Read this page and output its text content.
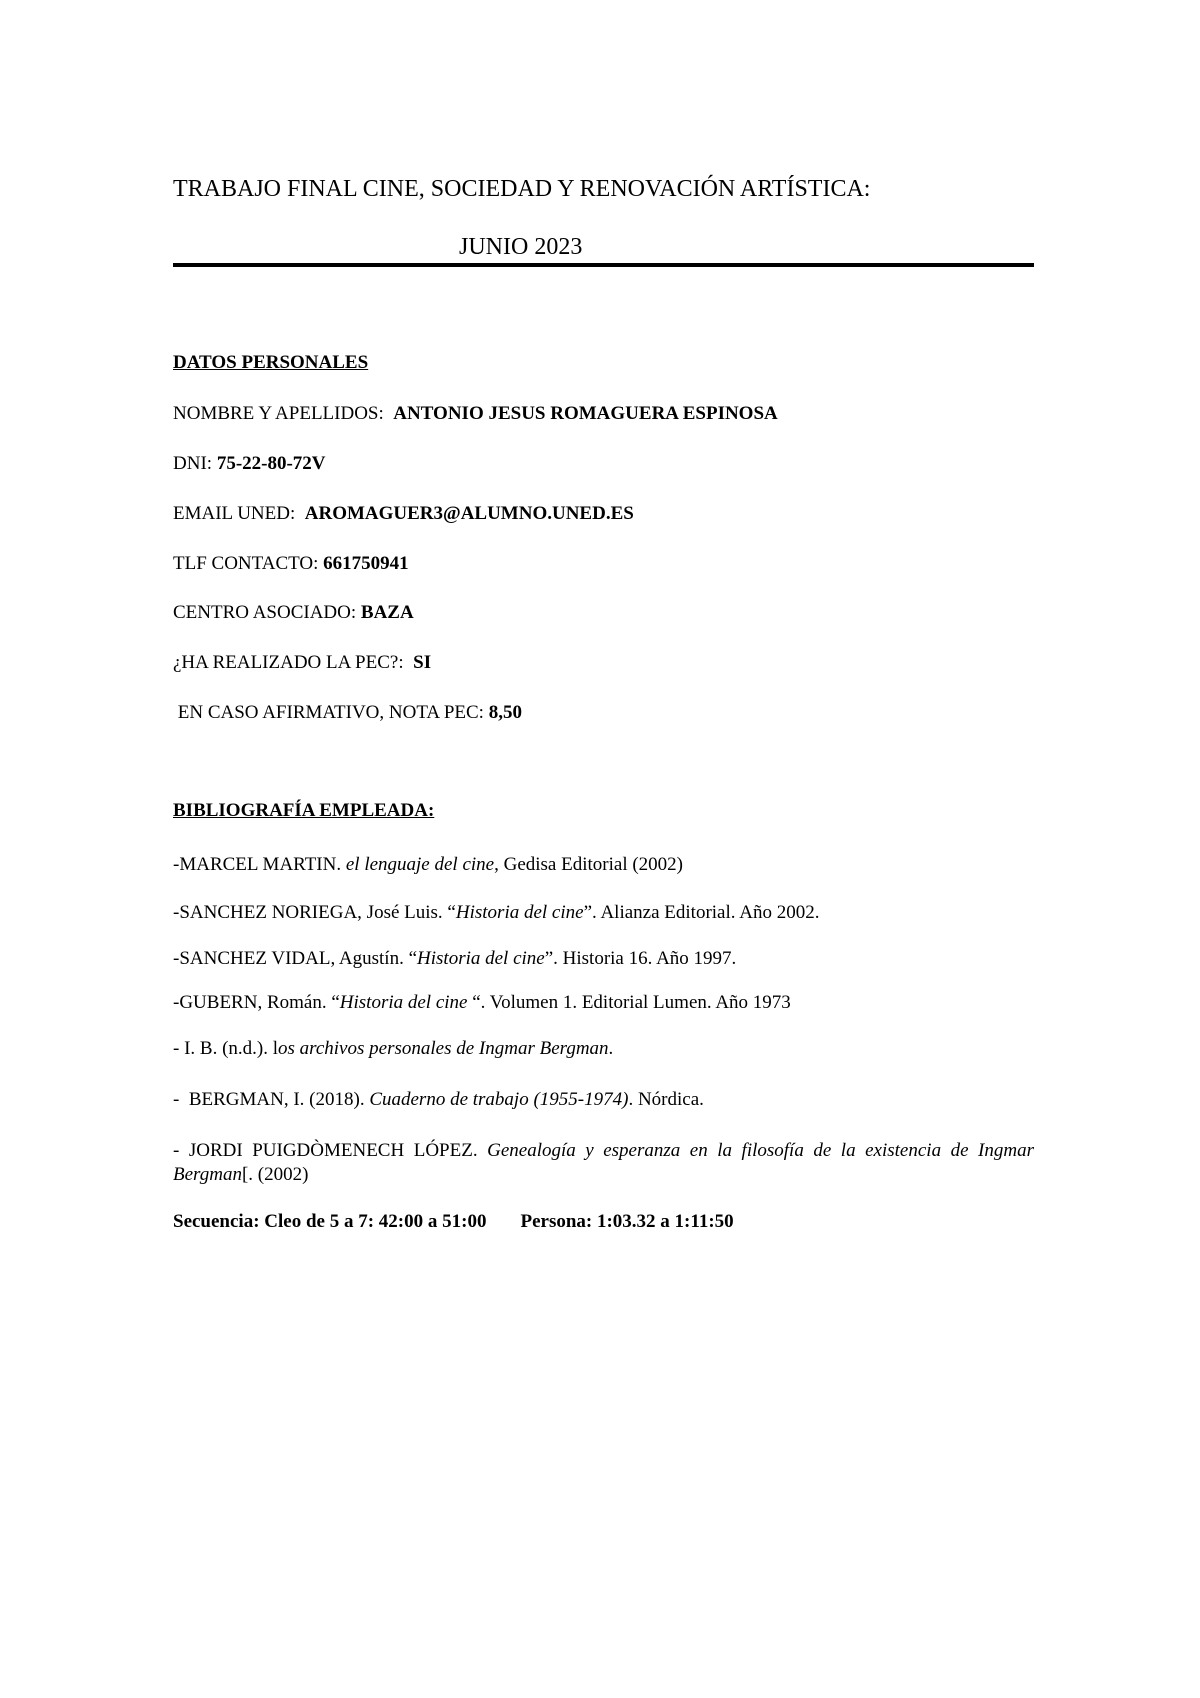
TRABAJO FINAL CINE, SOCIEDAD Y RENOVACIÓN ARTÍSTICA:
JUNIO 2023
DATOS PERSONALES
NOMBRE Y APELLIDOS:  ANTONIO JESUS ROMAGUERA ESPINOSA
DNI: 75-22-80-72V
EMAIL UNED:  AROMAGUER3@ALUMNO.UNED.ES
TLF CONTACTO: 661750941
CENTRO ASOCIADO: BAZA
¿HA REALIZADO LA PEC?:  SI
EN CASO AFIRMATIVO, NOTA PEC: 8,50
BIBLIOGRAFÍA EMPLEADA:
-MARCEL MARTIN. el lenguaje del cine, Gedisa Editorial (2002)
-SANCHEZ NORIEGA, José Luis. “Historia del cine”. Alianza Editorial. Año 2002.
-SANCHEZ VIDAL, Agustín. “Historia del cine”. Historia 16. Año 1997.
-GUBERN, Román. “Historia del cine “. Volumen 1. Editorial Lumen. Año 1973
- I. B. (n.d.). los archivos personales de Ingmar Bergman.
-  BERGMAN, I. (2018). Cuaderno de trabajo (1955-1974). Nórdica.
- JORDI PUIGDÒMENECH LÓPEZ. Genealogía y esperanza en la filosofía de la existencia de Ingmar Bergman[. (2002)
Secuencia: Cleo de 5 a 7: 42:00 a 51:00 Persona: 1:03.32 a 1:11:50
